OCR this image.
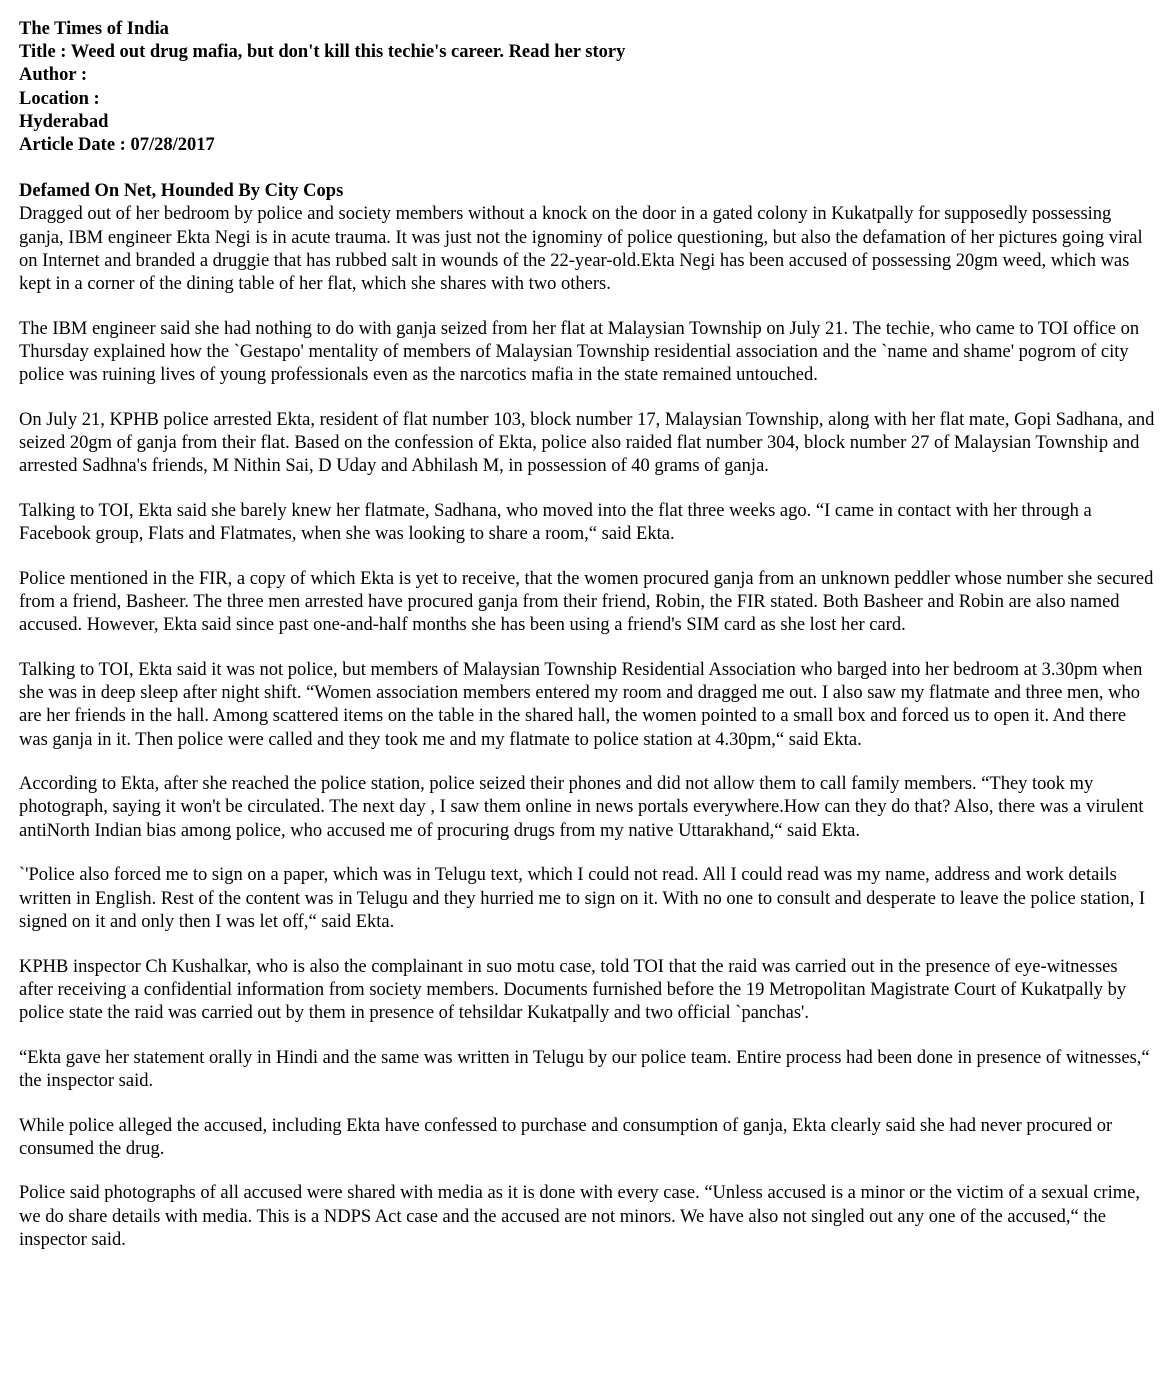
The Times of India
Title : Weed out drug mafia, but don't kill this techie's career. Read her story
Author :
Location :
Hyderabad
Article Date : 07/28/2017
Defamed On Net, Hounded By City Cops

Dragged out of her bedroom by police and society members without a knock on the door in a gated colony in Kukatpally for supposedly possessing ganja, IBM engineer Ekta Negi is in acute trauma. It was just not the ignominy of police questioning, but also the defamation of her pictures going viral on Internet and branded a druggie that has rubbed salt in wounds of the 22-year-old.Ekta Negi has been accused of possessing 20gm weed, which was kept in a corner of the dining table of her flat, which she shares with two others.

The IBM engineer said she had nothing to do with ganja seized from her flat at Malaysian Township on July 21. The techie, who came to TOI office on Thursday explained how the `Gestapo' mentality of members of Malaysian Township residential association and the `name and shame' pogrom of city police was ruining lives of young professionals even as the narcotics mafia in the state remained untouched.

On July 21, KPHB police arrested Ekta, resident of flat number 103, block number 17, Malaysian Township, along with her flat mate, Gopi Sadhana, and seized 20gm of ganja from their flat. Based on the confession of Ekta, police also raided flat number 304, block number 27 of Malaysian Township and arrested Sadhna's friends, M Nithin Sai, D Uday and Abhilash M, in possession of 40 grams of ganja.

Talking to TOI, Ekta said she barely knew her flatmate, Sadhana, who moved into the flat three weeks ago. “I came in contact with her through a Facebook group, Flats and Flatmates, when she was looking to share a room,“ said Ekta.

Police mentioned in the FIR, a copy of which Ekta is yet to receive, that the women procured ganja from an unknown peddler whose number she secured from a friend, Basheer. The three men arrested have procured ganja from their friend, Robin, the FIR stated. Both Basheer and Robin are also named accused. However, Ekta said since past one-and-half months she has been using a friend's SIM card as she lost her card.

Talking to TOI, Ekta said it was not police, but members of Malaysian Township Residential Association who barged into her bedroom at 3.30pm when she was in deep sleep after night shift. “Women association members entered my room and dragged me out. I also saw my flatmate and three men, who are her friends in the hall. Among scattered items on the table in the shared hall, the women pointed to a small box and forced us to open it. And there was ganja in it. Then police were called and they took me and my flatmate to police station at 4.30pm,“ said Ekta.

According to Ekta, after she reached the police station, police seized their phones and did not allow them to call family members. “They took my photograph, saying it won't be circulated. The next day , I saw them online in news portals everywhere.How can they do that? Also, there was a virulent antiNorth Indian bias among police, who accused me of procuring drugs from my native Uttarakhand,“ said Ekta.

`'Police also forced me to sign on a paper, which was in Telugu text, which I could not read. All I could read was my name, address and work details written in English. Rest of the content was in Telugu and they hurried me to sign on it. With no one to consult and desperate to leave the police station, I signed on it and only then I was let off,“ said Ekta.

KPHB inspector Ch Kushalkar, who is also the complainant in suo motu case, told TOI that the raid was carried out in the presence of eye-witnesses after receiving a confidential information from society members. Documents furnished before the 19 Metropolitan Magistrate Court of Kukatpally by police state the raid was carried out by them in presence of tehsildar Kukatpally and two official `panchas'.

“Ekta gave her statement orally in Hindi and the same was written in Telugu by our police team. Entire process had been done in presence of witnesses,“ the inspector said.

While police alleged the accused, including Ekta have confessed to purchase and consumption of ganja, Ekta clearly said she had never procured or consumed the drug.

Police said photographs of all accused were shared with media as it is done with every case. “Unless accused is a minor or the victim of a sexual crime, we do share details with media. This is a NDPS Act case and the accused are not minors. We have also not singled out any one of the accused,“ the inspector said.
